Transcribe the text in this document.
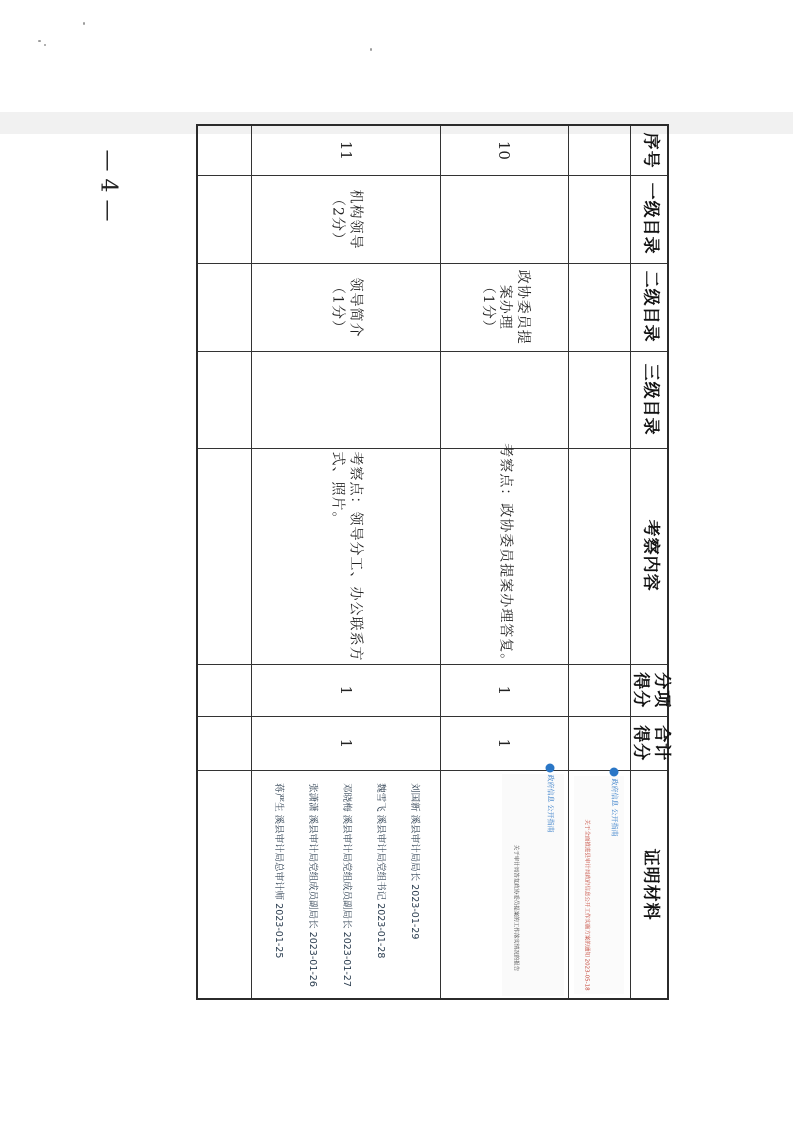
— 4 —	序号
一级目录
二级目录
三级目录
考察内容
分项
得分
合计
得分
证明材料
政府信息
公开指南
关于全面推进县审计局政府信息公开工作实施方案的通知 2023-05-18
10
政协委员提
案办理
（1分）
考察点：政协委员提案办理答复。
1
1
政府信息
公开指南
关于审计局答复政协委员提案的工作落实情况的报告
11
机构领导
（2分）
领导简介
（1分）
考察点：领导分工、办公联系方
式、照片。
1
1
刘国新 溪县审计局局长 2023-01-29
魏雪飞 溪县审计局党组书记 2023-01-28
邓晓梅 溪县审计局党组成员副局长 2023-01-27
张潇潇 溪县审计局党组成员副局长 2023-01-26
蒋严生 溪县审计局总审计师 2023-01-25
